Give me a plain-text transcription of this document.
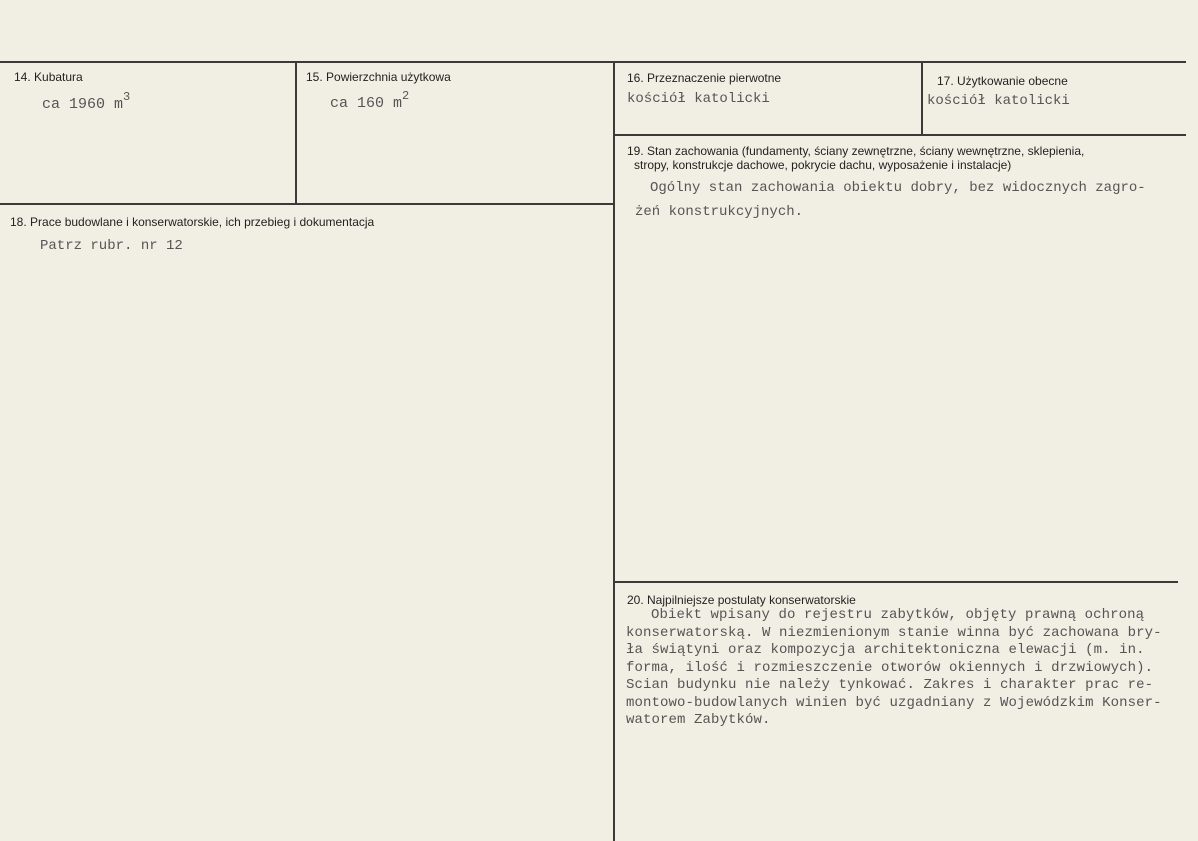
14. Kubatura
ca 1960 $m^3$
15. Powierzchnia użytkowa
ca 160 $m^2$
16. Przeznaczenie pierwotne
kościół katolicki
17. Użytkowanie obecne
kościół katolicki
18. Prace budowlane i konserwatorskie, ich przebieg i dokumentacja
Patrz rubr. nr 12
19. Stan zachowania (fundamenty, ściany zewnętrzne, ściany wewnętrzne, sklepienia,
stropy, konstrukcje dachowe, pokrycie dachu, wyposażenie i instalacje)
Ogólny stan zachowania obiektu dobry, bez widocznych zagro-
żeń konstrukcyjnych.
20. Najpilniejsze postulaty konserwatorskie
Obiekt wpisany do rejestru zabytków, objęty prawną ochroną
konserwatorską. W niezmienionym stanie winna być zachowana bry-
ła świątyni oraz kompozycja architektoniczna elewacji (m. in.
forma, ilość i rozmieszczenie otworów okiennych i drzwiowych).
Scian budynku nie należy tynkować. Zakres i charakter prac re-
montowo-budowlanych winien być uzgadniany z Wojewódzkim Konser-
watorem Zabytków.
